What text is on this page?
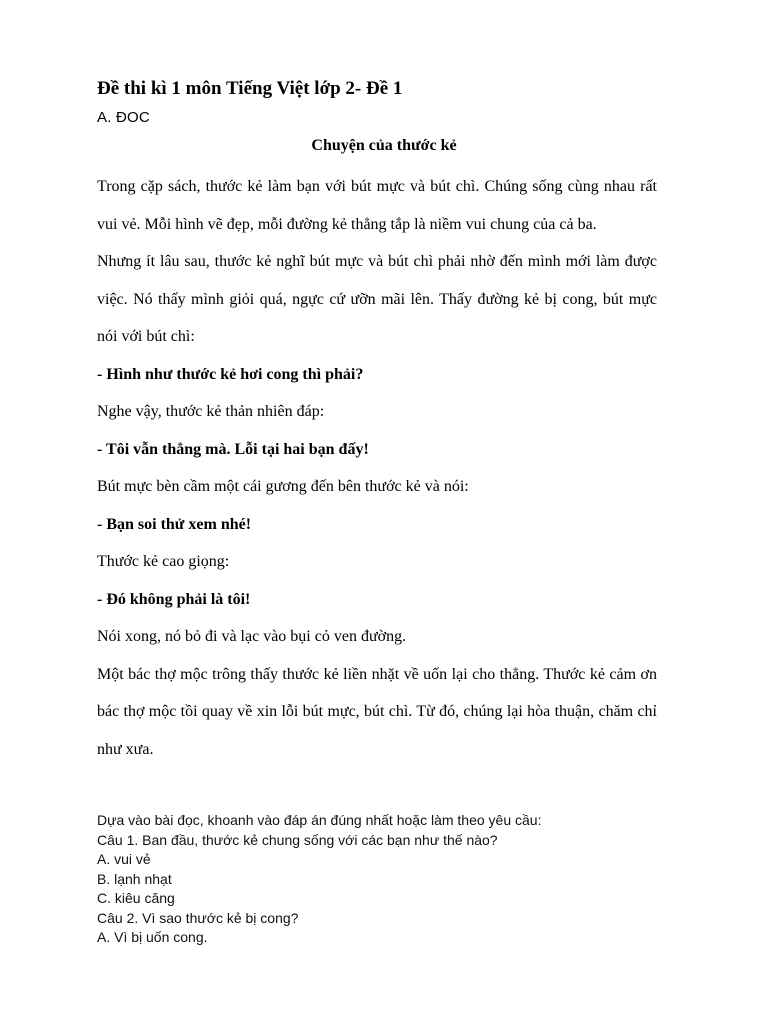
Đề thi kì 1 môn Tiếng Việt lớp 2- Đề 1
A. ĐOC
Chuyện của thước kẻ

Trong cặp sách, thước kẻ làm bạn với bút mực và bút chì. Chúng sống cùng nhau rất vui vẻ. Mỗi hình vẽ đẹp, mỗi đường kẻ thẳng tắp là niềm vui chung của cả ba.

Nhưng ít lâu sau, thước kẻ nghĩ bút mực và bút chì phải nhờ đến mình mới làm được việc. Nó thấy mình giỏi quá, ngực cứ ưỡn mãi lên. Thấy đường kẻ bị cong, bút mực nói với bút chì:

- Hình như thước kẻ hơi cong thì phải?

Nghe vậy, thước kẻ thản nhiên đáp:

- Tôi vẫn thẳng mà. Lỗi tại hai bạn đấy!

Bút mực bèn cầm một cái gương đến bên thước kẻ và nói:

- Bạn soi thử xem nhé!

Thước kẻ cao giọng:

- Đó không phải là tôi!

Nói xong, nó bỏ đi và lạc vào bụi cỏ ven đường.

Một bác thợ mộc trông thấy thước kẻ liền nhặt về uốn lại cho thẳng. Thước kẻ cảm ơn bác thợ mộc tồi quay về xin lỗi bút mực, bút chì. Từ đó, chúng lại hòa thuận, chăm chỉ như xưa.

Dựa vào bài đọc, khoanh vào đáp án đúng nhất hoặc làm theo yêu cầu:
Câu 1. Ban đầu, thước kẻ chung sống với các bạn như thế nào?
A. vui vẻ
B. lạnh nhạt
C. kiêu căng
Câu 2. Vì sao thước kẻ bị cong?
A. Vì bị uốn cong.
